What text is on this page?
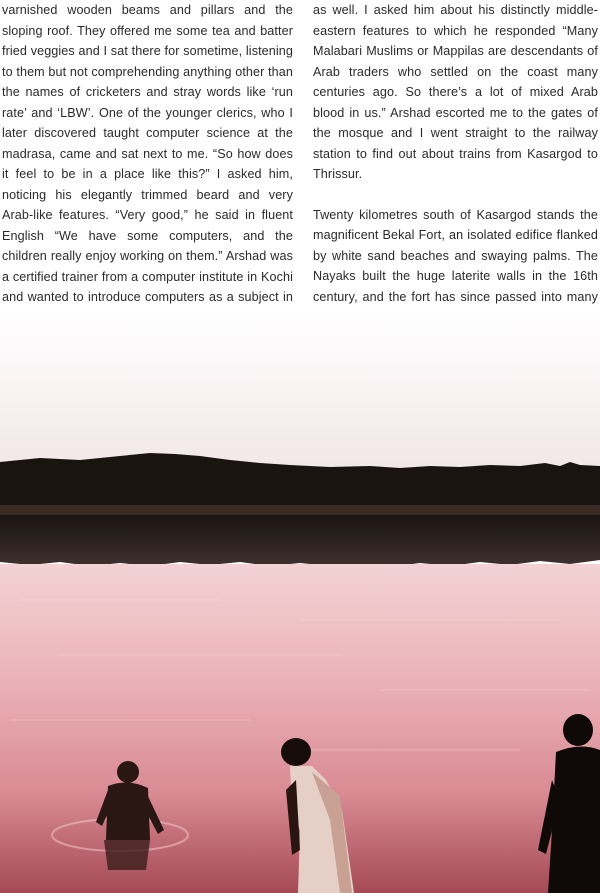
varnished wooden beams and pillars and the sloping roof. They offered me some tea and batter fried veggies and I sat there for sometime, listening to them but not comprehending anything other than the names of cricketers and stray words like ‘run rate’ and ‘LBW’. One of the younger clerics, who I later discovered taught computer science at the madrasa, came and sat next to me. “So how does it feel to be in a place like this?” I asked him, noticing his elegantly trimmed beard and very Arab-like features. “Very good,” he said in fluent English “We have some computers, and the children really enjoy working on them.” Arshad was a certified trainer from a computer institute in Kochi and wanted to introduce computers as a subject in

as well. I asked him about his distinctly middle-eastern features to which he responded “Many Malabari Muslims or Mappilas are descendants of Arab traders who settled on the coast many centuries ago. So there’s a lot of mixed Arab blood in us.” Arshad escorted me to the gates of the mosque and I went straight to the railway station to find out about trains from Kasargod to Thrissur.

Twenty kilometres south of Kasargod stands the magnificent Bekal Fort, an isolated edifice flanked by white sand beaches and swaying palms. The Nayaks built the huge laterite walls in the 16th century, and the fort has since passed into many
